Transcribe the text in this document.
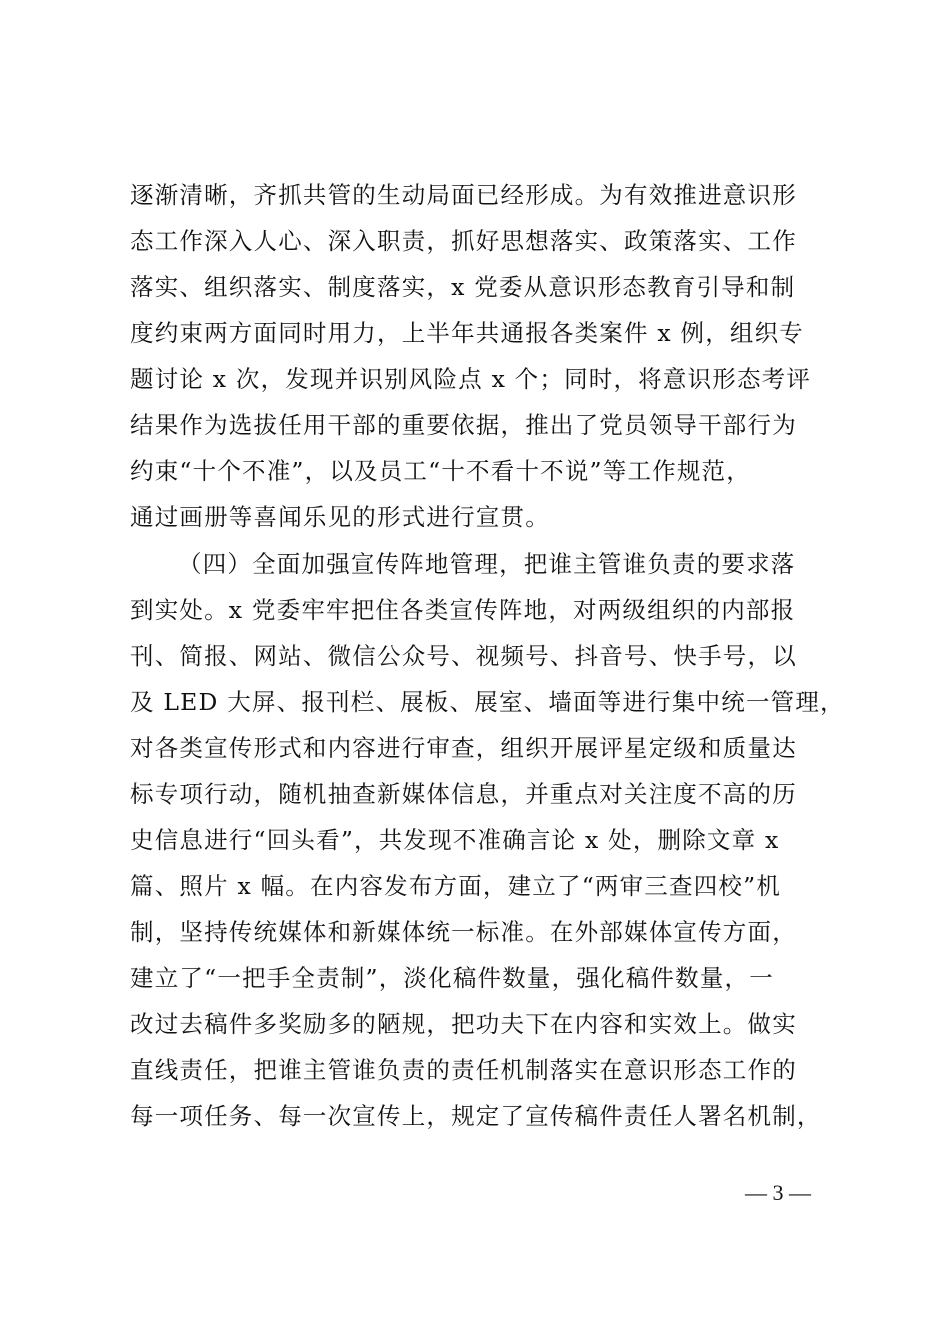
逐渐清晰，齐抓共管的生动局面已经形成。为有效推进意识形
态工作深入人心、深入职责，抓好思想落实、政策落实、工作
落实、组织落实、制度落实，x 党委从意识形态教育引导和制
度约束两方面同时用力，上半年共通报各类案件 x 例，组织专
题讨论 x 次，发现并识别风险点 x 个；同时，将意识形态考评
结果作为选拔任用干部的重要依据，推出了党员领导干部行为
约束“十个不准”，以及员工“十不看十不说”等工作规范，
通过画册等喜闻乐见的形式进行宣贯。
（四）全面加强宣传阵地管理，把谁主管谁负责的要求落
到实处。x 党委牢牢把住各类宣传阵地，对两级组织的内部报
刊、简报、网站、微信公众号、视频号、抖音号、快手号，以
及 LED 大屏、报刊栏、展板、展室、墙面等进行集中统一管理，
对各类宣传形式和内容进行审查，组织开展评星定级和质量达
标专项行动，随机抽查新媒体信息，并重点对关注度不高的历
史信息进行“回头看”，共发现不准确言论 x 处，删除文章 x
篇、照片 x 幅。在内容发布方面，建立了“两审三查四校”机
制，坚持传统媒体和新媒体统一标准。在外部媒体宣传方面，
建立了“一把手全责制”，淡化稿件数量，强化稿件数量，一
改过去稿件多奖励多的陋规，把功夫下在内容和实效上。做实
直线责任，把谁主管谁负责的责任机制落实在意识形态工作的
每一项任务、每一次宣传上，规定了宣传稿件责任人署名机制，
— 3 —
